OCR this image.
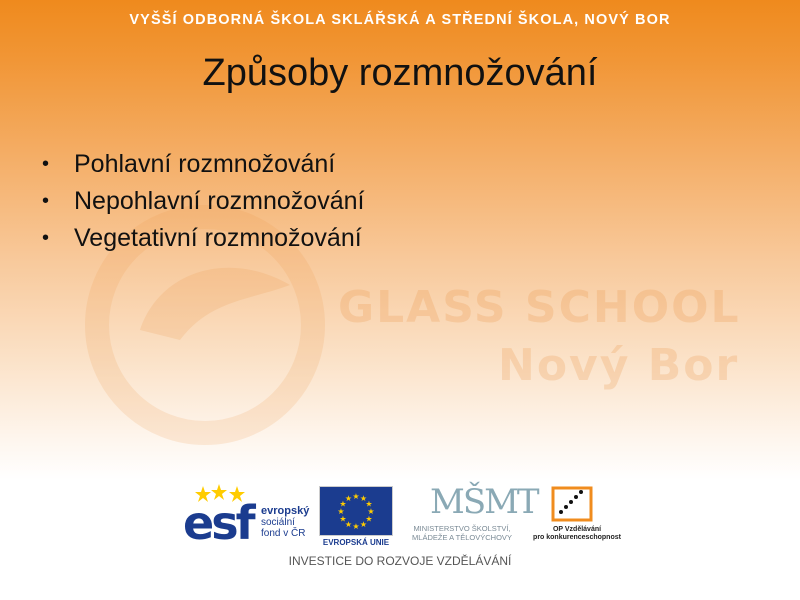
VYŠŠÍ ODBORNÁ ŠKOLA SKLÁŘSKÁ A STŘEDNÍ ŠKOLA, NOVÝ BOR
GLASS SCHOOL
Nový Bor
Způsoby rozmnožování
• Pohlavní rozmnožování
• Nepohlavní rozmnožování
• Vegetativní rozmnožování
esf evropský
sociální
fond v ČR
★
★
★
★
★
★
★
★
★ ★ ★
★
EVROPSKÁ UNIE
MŠMT
MINISTERSTVO ŠKOLSTVÍ,
MLÁDEŽE A TĚLOVÝCHOVY
OP Vzdělávání
pro konkurenceschopnost
INVESTICE DO ROZVOJE VZDĚLÁVÁNÍ
